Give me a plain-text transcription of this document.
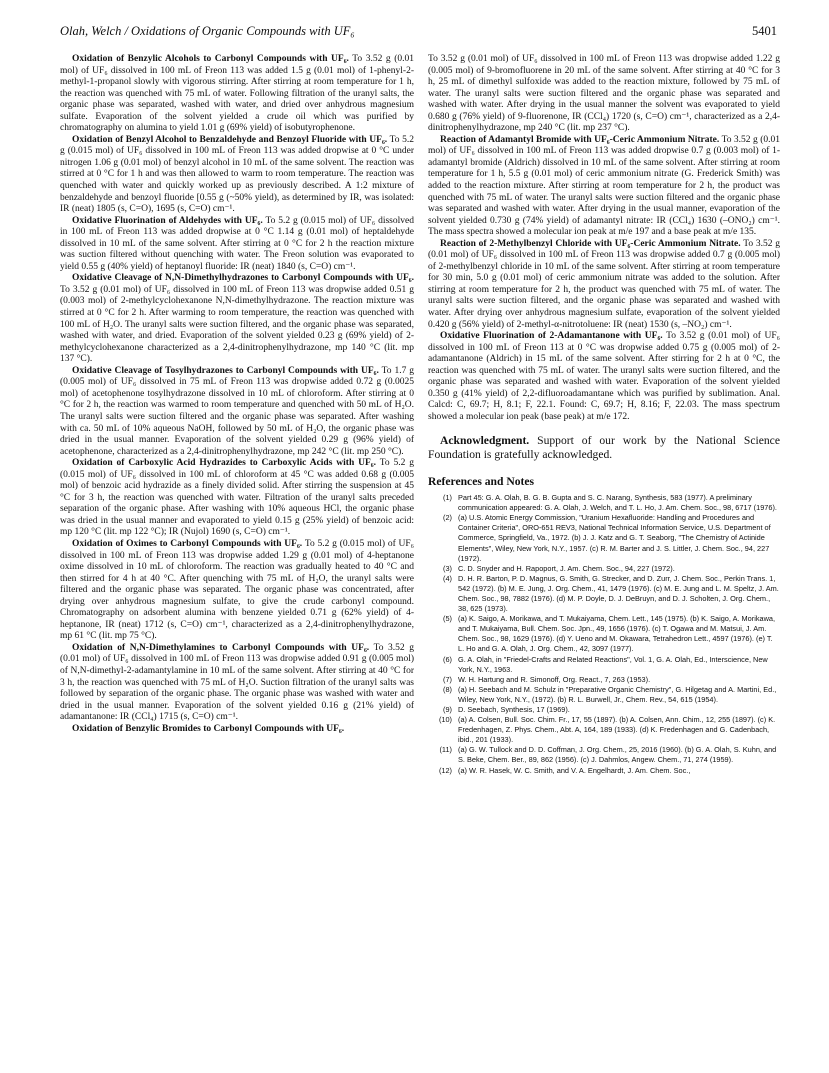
Olah, Welch / Oxidations of Organic Compounds with UF₆	5401

Oxidation of Benzylic Alcohols to Carbonyl Compounds with UF₆. To 3.52 g (0.01 mol) of UF₆ dissolved in 100 mL of Freon 113 was added 1.5 g (0.01 mol) of 1-phenyl-2-methyl-1-propanol slowly with vigorous stirring. After stirring at room temperature for 1 h, the reaction was quenched with 75 mL of water. Following filtration of the uranyl salts, the organic phase was separated, washed with water, and dried over anhydrous magnesium sulfate. Evaporation of the solvent yielded a crude oil which was purified by chromatography on alumina to yield 1.01 g (69% yield) of isobutyrophenone.

Oxidation of Benzyl Alcohol to Benzaldehyde and Benzoyl Fluoride with UF₆. To 5.2 g (0.015 mol) of UF₆ dissolved in 100 mL of Freon 113 was added dropwise at 0 °C under nitrogen 1.06 g (0.01 mol) of benzyl alcohol in 10 mL of the same solvent. The reaction was stirred at 0 °C for 1 h and was then allowed to warm to room temperature. The reaction was quenched with water and quickly worked up as previously described. A 1:2 mixture of benzaldehyde and benzoyl fluoride [0.55 g (~50% yield), as determined by IR, was isolated: IR (neat) 1805 (s, C=O), 1695 (s, C=O) cm⁻¹.

Oxidative Fluorination of Aldehydes with UF₆. To 5.2 g (0.015 mol) of UF₆ dissolved in 100 mL of Freon 113 was added dropwise at 0 °C 1.14 g (0.01 mol) of heptaldehyde dissolved in 10 mL of the same solvent. After stirring at 0 °C for 2 h the reaction mixture was suction filtered without quenching with water. The Freon solution was evaporated to yield 0.55 g (40% yield) of heptanoyl fluoride: IR (neat) 1840 (s, C=O) cm⁻¹.

Oxidative Cleavage of N,N-Dimethylhydrazones to Carbonyl Compounds with UF₆. To 3.52 g (0.01 mol) of UF₆ dissolved in 100 mL of Freon 113 was dropwise added 0.51 g (0.003 mol) of 2-methylcyclohexanone N,N-dimethylhydrazone. The reaction mixture was stirred at 0 °C for 2 h. After warming to room temperature, the reaction was quenched with 100 mL of H₂O. The uranyl salts were suction filtered, and the organic phase was separated, washed with water, and dried. Evaporation of the solvent yielded 0.23 g (69% yield) of 2-methylcyclohexanone characterized as a 2,4-dinitrophenylhydrazone, mp 140 °C (lit. mp 137 °C).

Oxidative Cleavage of Tosylhydrazones to Carbonyl Compounds with UF₆. To 1.7 g (0.005 mol) of UF₆ dissolved in 75 mL of Freon 113 was dropwise added 0.72 g (0.0025 mol) of acetophenone tosylhydrazone dissolved in 10 mL of chloroform. After stirring at 0 °C for 2 h, the reaction was warmed to room temperature and quenched with 50 mL of H₂O. The uranyl salts were suction filtered and the organic phase was separated. After washing with ca. 50 mL of 10% aqueous NaOH, followed by 50 mL of H₂O, the organic phase was dried in the usual manner. Evaporation of the solvent yielded 0.29 g (96% yield) of acetophenone, characterized as a 2,4-dinitrophenylhydrazone, mp 242 °C (lit. mp 250 °C).

Oxidation of Carboxylic Acid Hydrazides to Carboxylic Acids with UF₆. To 5.2 g (0.015 mol) of UF₆ dissolved in 100 mL of chloroform at 45 °C was added 0.68 g (0.005 mol) of benzoic acid hydrazide as a finely divided solid. After stirring the suspension at 45 °C for 3 h, the reaction was quenched with water. Filtration of the uranyl salts preceded separation of the organic phase. After washing with 10% aqueous HCl, the organic phase was dried in the usual manner and evaporated to yield 0.15 g (25% yield) of benzoic acid: mp 120 °C (lit. mp 122 °C); IR (Nujol) 1690 (s, C=O) cm⁻¹.

Oxidation of Oximes to Carbonyl Compounds with UF₆. To 5.2 g (0.015 mol) of UF₆ dissolved in 100 mL of Freon 113 was dropwise added 1.29 g (0.01 mol) of 4-heptanone oxime dissolved in 10 mL of chloroform. The reaction was gradually heated to 40 °C and then stirred for 4 h at 40 °C. After quenching with 75 mL of H₂O, the uranyl salts were filtered and the organic phase was separated. The organic phase was concentrated, after drying over anhydrous magnesium sulfate, to give the crude carbonyl compound. Chromatography on adsorbent alumina with benzene yielded 0.71 g (62% yield) of 4-heptanone, IR (neat) 1712 (s, C=O) cm⁻¹, characterized as a 2,4-dinitrophenylhydrazone, mp 61 °C (lit. mp 75 °C).

Oxidation of N,N-Dimethylamines to Carbonyl Compounds with UF₆. To 3.52 g (0.01 mol) of UF₆ dissolved in 100 mL of Freon 113 was dropwise added 0.91 g (0.005 mol) of N,N-dimethyl-2-adamantylamine in 10 mL of the same solvent. After stirring at 40 °C for 3 h, the reaction was quenched with 75 mL of H₂O. Suction filtration of the uranyl salts was followed by separation of the organic phase. The organic phase was washed with water and dried in the usual manner. Evaporation of the solvent yielded 0.16 g (21% yield) of adamantanone: IR (CCl₄) 1715 (s, C=O) cm⁻¹.

Oxidation of Benzylic Bromides to Carbonyl Compounds with UF₆.

To 3.52 g (0.01 mol) of UF₆ dissolved in 100 mL of Freon 113 was dropwise added 1.22 g (0.005 mol) of 9-bromofluorene in 20 mL of the same solvent. After stirring at 40 °C for 3 h, 25 mL of dimethyl sulfoxide was added to the reaction mixture, followed by 75 mL of water. The uranyl salts were suction filtered and the organic phase was separated and washed with water. After drying in the usual manner the solvent was evaporated to yield 0.680 g (76% yield) of 9-fluorenone, IR (CCl₄) 1720 (s, C=O) cm⁻¹, characterized as a 2,4-dinitrophenylhydrazone, mp 240 °C (lit. mp 237 °C).

Reaction of Adamantyl Bromide with UF₆-Ceric Ammonium Nitrate. To 3.52 g (0.01 mol) of UF₆ dissolved in 100 mL of Freon 113 was added dropwise 0.7 g (0.003 mol) of 1-adamantyl bromide (Aldrich) dissolved in 10 mL of the same solvent. After stirring at room temperature for 1 h, 5.5 g (0.01 mol) of ceric ammonium nitrate (G. Frederick Smith) was added to the reaction mixture. After stirring at room temperature for 2 h, the product was quenched with 75 mL of water. The uranyl salts were suction filtered and the organic phase was separated and washed with water. After drying in the usual manner, evaporation of the solvent yielded 0.730 g (74% yield) of adamantyl nitrate: IR (CCl₄) 1630 (–ONO₂) cm⁻¹. The mass spectra showed a molecular ion peak at m/e 197 and a base peak at m/e 135.

Reaction of 2-Methylbenzyl Chloride with UF₆-Ceric Ammonium Nitrate. To 3.52 g (0.01 mol) of UF₆ dissolved in 100 mL of Freon 113 was dropwise added 0.7 g (0.005 mol) of 2-methylbenzyl chloride in 10 mL of the same solvent. After stirring at room temperature for 30 min, 5.0 g (0.01 mol) of ceric ammonium nitrate was added to the solution. After stirring at room temperature for 2 h, the product was quenched with 75 mL of water. The uranyl salts were suction filtered, and the organic phase was separated and washed with water. After drying over anhydrous magnesium sulfate, evaporation of the solvent yielded 0.420 g (56% yield) of 2-methyl-α-nitrotoluene: IR (neat) 1530 (s, –NO₂) cm⁻¹.

Oxidative Fluorination of 2-Adamantanone with UF₆. To 3.52 g (0.01 mol) of UF₆ dissolved in 100 mL of Freon 113 at 0 °C was dropwise added 0.75 g (0.005 mol) of 2-adamantanone (Aldrich) in 15 mL of the same solvent. After stirring for 2 h at 0 °C, the reaction was quenched with 75 mL of water. The uranyl salts were suction filtered, and the organic phase was separated and washed with water. Evaporation of the solvent yielded 0.350 g (41% yield) of 2,2-difluoroadamantane which was purified by sublimation. Anal. Calcd: C, 69.7; H, 8.1; F, 22.1. Found: C, 69.7; H, 8.16; F, 22.03. The mass spectrum showed a molecular ion peak (base peak) at m/e 172.

Acknowledgment. Support of our work by the National Science Foundation is gratefully acknowledged.

References and Notes
(1) Part 45: G. A. Olah, B. G. B. Gupta and S. C. Narang, Synthesis, 583 (1977). A preliminary communication appeared: G. A. Olah, J. Welch, and T. L. Ho, J. Am. Chem. Soc., 98, 6717 (1976).
(2) (a) U.S. Atomic Energy Commission, "Uranium Hexafluoride: Handling and Procedures and Container Criteria", ORO-651 REV3, National Technical Information Service, U.S. Department of Commerce, Springfield, Va., 1972. (b) J. J. Katz and G. T. Seaborg, "The Chemistry of Actinide Elements", Wiley, New York, N.Y., 1957. (c) R. M. Barter and J. S. Littler, J. Chem. Soc., 94, 227 (1972).
(3) C. D. Snyder and H. Rapoport, J. Am. Chem. Soc., 94, 227 (1972).
(4) D. H. R. Barton, P. D. Magnus, G. Smith, G. Strecker, and D. Zurr, J. Chem. Soc., Perkin Trans. 1, 542 (1972). (b) M. E. Jung, J. Org. Chem., 41, 1479 (1976). (c) M. E. Jung and L. M. Speltz, J. Am. Chem. Soc., 98, 7882 (1976). (d) M. P. Doyle, D. J. DeBruyn, and D. J. Scholten, J. Org. Chem., 38, 625 (1973).
(5) (a) K. Saigo, A. Morikawa, and T. Mukaiyama, Chem. Lett., 145 (1975). (b) K. Saigo, A. Morikawa, and T. Mukaiyama, Bull. Chem. Soc. Jpn., 49, 1656 (1976). (c) T. Ogawa and M. Matsui, J. Am. Chem. Soc., 98, 1629 (1976). (d) Y. Ueno and M. Okawara, Tetrahedron Lett., 4597 (1976). (e) T. L. Ho and G. A. Olah, J. Org. Chem., 42, 3097 (1977).
(6) G. A. Olah, in "Friedel-Crafts and Related Reactions", Vol. 1, G. A. Olah, Ed., Interscience, New York, N.Y., 1963.
(7) W. H. Hartung and R. Simonoff, Org. React., 7, 263 (1953).
(8) (a) H. Seebach and M. Schulz in "Preparative Organic Chemistry", G. Hilgetag and A. Martini, Ed., Wiley, New York, N.Y., (1972). (b) R. L. Burwell, Jr., Chem. Rev., 54, 615 (1954).
(9) D. Seebach, Synthesis, 17 (1969).
(10) (a) A. Colsen, Bull. Soc. Chim. Fr., 17, 55 (1897). (b) A. Colsen, Ann. Chim., 12, 255 (1897). (c) K. Fredenhagen, Z. Phys. Chem., Abt. A, 164, 189 (1933). (d) K. Fredenhagen and G. Cadenbach, ibid., 201 (1933).
(11) (a) G. W. Tullock and D. D. Coffman, J. Org. Chem., 25, 2016 (1960). (b) G. A. Olah, S. Kuhn, and S. Beke, Chem. Ber., 89, 862 (1956). (c) J. Dahmlos, Angew. Chem., 71, 274 (1959).
(12) (a) W. R. Hasek, W. C. Smith, and V. A. Engelhardt, J. Am. Chem. Soc.,
